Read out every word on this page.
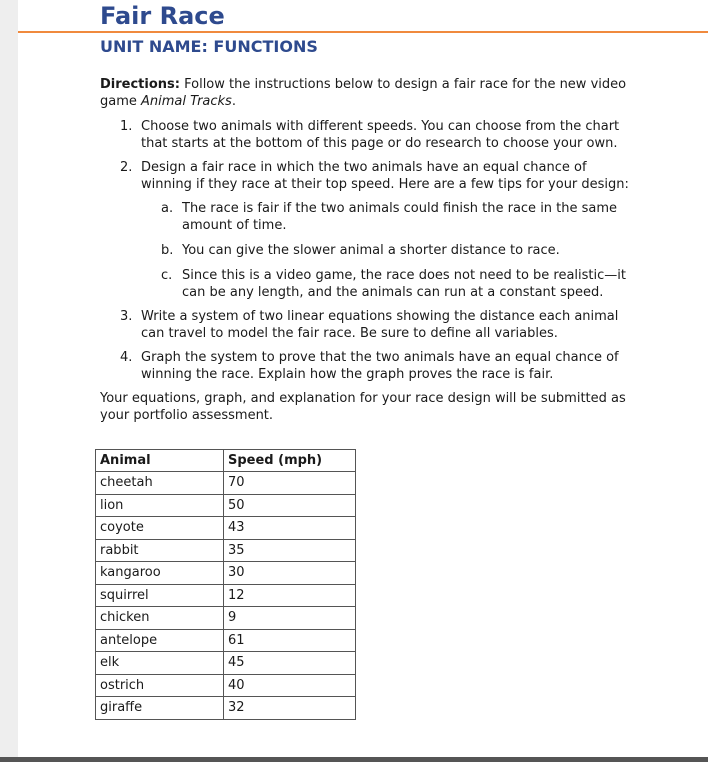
Fair Race
UNIT NAME: FUNCTIONS

Directions: Follow the instructions below to design a fair race for the new video game Animal Tracks.

1. Choose two animals with different speeds. You can choose from the chart that starts at the bottom of this page or do research to choose your own.
2. Design a fair race in which the two animals have an equal chance of winning if they race at their top speed. Here are a few tips for your design:
a. The race is fair if the two animals could finish the race in the same amount of time.
b. You can give the slower animal a shorter distance to race.
c. Since this is a video game, the race does not need to be realistic—it can be any length, and the animals can run at a constant speed.
3. Write a system of two linear equations showing the distance each animal can travel to model the fair race. Be sure to define all variables.
4. Graph the system to prove that the two animals have an equal chance of winning the race. Explain how the graph proves the race is fair.

Your equations, graph, and explanation for your race design will be submitted as your portfolio assessment.

Animal	Speed (mph)
cheetah	70
lion	50
coyote	43
rabbit	35
kangaroo	30
squirrel	12
chicken	9
antelope	61
elk	45
ostrich	40
giraffe	32
